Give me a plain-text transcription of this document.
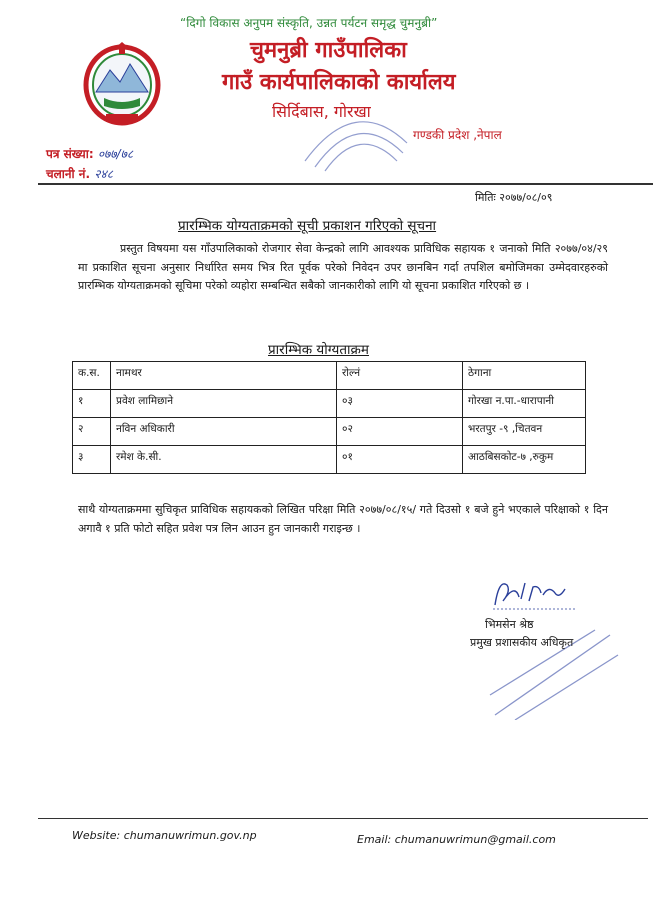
“दिगो विकास अनुपम संस्कृति, उन्नत पर्यटन समृद्ध चुमनुब्री”
चुमनुब्री गाउँपालिका
गाउँ कार्यपालिकाको कार्यालय
सिर्दिबास, गोरखा
गण्डकी प्रदेश ,नेपाल
पत्र संख्या: ०७७/७८
चलानी नं. २४८
मितिः २०७७/०८/०९
प्रारम्भिक योग्यताक्रमको सूची प्रकाशन गरिएको सूचना
प्रस्तुत विषयमा यस गाँउपालिकाको रोजगार सेवा केन्द्रको लागि आवश्यक प्राविधिक सहायक १ जनाको मिति २०७७/०४/२९ मा प्रकाशित सूचना अनुसार निर्धारित समय भित्र रित पूर्वक परेको निवेदन उपर छानबिन गर्दा तपशिल बमोजिमका उम्मेदवारहरुको प्रारम्भिक योग्यताक्रमको सूचिमा परेको व्यहोरा सम्बन्धित सबैको जानकारीको लागि यो सूचना प्रकाशित गरिएको छ ।
प्रारम्भिक योग्यताक्रम
क.स.	नामथर	रोल्नं	ठेगाना
१	प्रवेश लामिछाने	०३	गोरखा न.पा.-धारापानी
२	नविन अधिकारी	०२	भरतपुर -९ ,चितवन
३	रमेश के.सी.	०१	आठबिसकोट-७ ,रुकुम
साथै योग्यताक्रममा सुचिकृत प्राविधिक सहायकको लिखित परिक्षा मिति २०७७/०८/१५/ गते दिउसो १ बजे हुने भएकाले परिक्षाको १ दिन अगावै १ प्रति फोटो सहित प्रवेश पत्र लिन आउन हुन जानकारी गराइन्छ ।
भिमसेन श्रेष्ठ
प्रमुख प्रशासकीय अधिकृत
Website: chumanuwrimun.gov.np	Email: chumanuwrimun@gmail.com
